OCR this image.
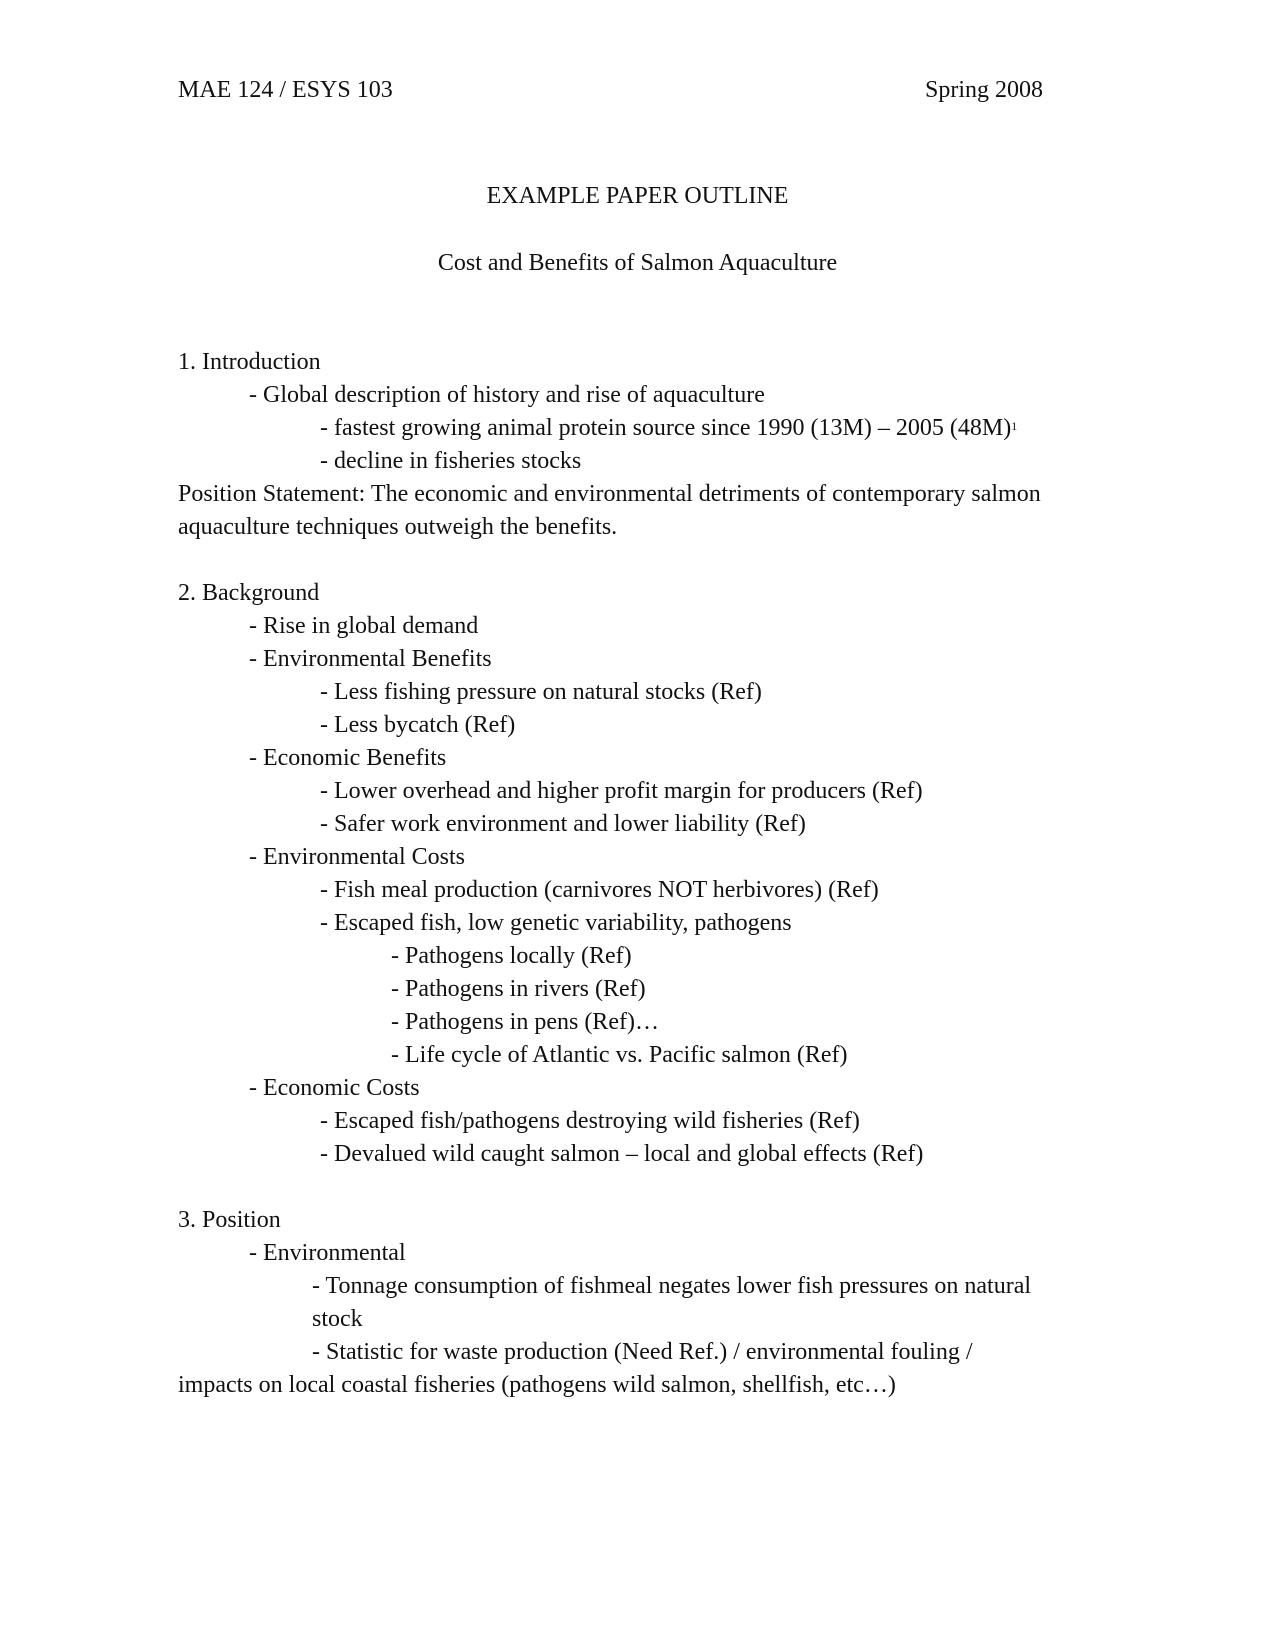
MAE 124 / ESYS 103	Spring 2008
EXAMPLE PAPER OUTLINE
Cost and Benefits of Salmon Aquaculture
1. Introduction
- Global description of history and rise of aquaculture
- fastest growing animal protein source since 1990 (13M) – 2005 $(48M)^1$
- decline in fisheries stocks
Position Statement: The economic and environmental detriments of contemporary salmon
aquaculture techniques outweigh the benefits.
2. Background
- Rise in global demand
- Environmental Benefits
- Less fishing pressure on natural stocks (Ref)
- Less bycatch (Ref)
- Economic Benefits
- Lower overhead and higher profit margin for producers (Ref)
- Safer work environment and lower liability (Ref)
- Environmental Costs
- Fish meal production (carnivores NOT herbivores) (Ref)
- Escaped fish, low genetic variability, pathogens
- Pathogens locally (Ref)
- Pathogens in rivers (Ref)
- Pathogens in pens (Ref)…
- Life cycle of Atlantic vs. Pacific salmon (Ref)
- Economic Costs
- Escaped fish/pathogens destroying wild fisheries (Ref)
- Devalued wild caught salmon – local and global effects (Ref)
3. Position
- Environmental
- Tonnage consumption of fishmeal negates lower fish pressures on natural
stock
- Statistic for waste production (Need Ref.) / environmental fouling /
impacts on local coastal fisheries (pathogens wild salmon, shellfish, etc…)
